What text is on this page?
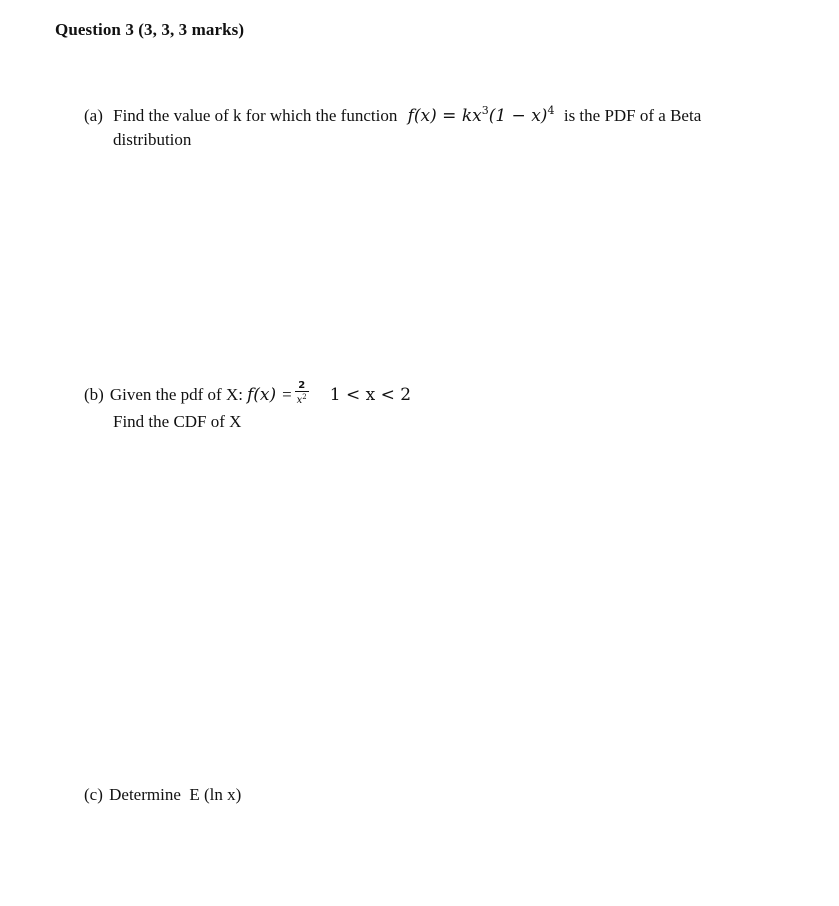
Question 3 (3, 3, 3 marks)
(a) Find the value of k for which the function $f(x) = kx^3(1 - x)^4$ is the PDF of a Beta
distribution
(b) Given the pdf of X: $f(x) = \frac{2}{x^2} 1 < x < 2$
Find the CDF of X
(c) Determine  E (ln x)
